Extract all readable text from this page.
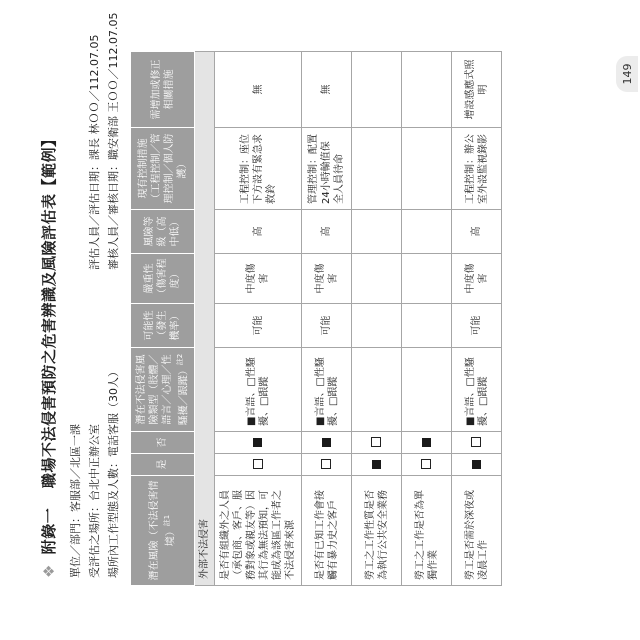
❖ 附錄一 職場不法侵害預防之危害辨識及風險評估表【範例】
單位／部門：客服部／北區一課 受評估之場所：台北中正辦公室 場所內工作型態及人數：電話客服（30人）
評估人員／評估日期：課長 林ＯＯ／112.07.05 審核人員／審核日期：職安衛部 王ＯＯ／112.07.05
潛在風險（不法侵害情境）$^{註1}$	是	否	潛在不法侵害風險類型（肢體／語言／心理／性騷擾／跟蹤）$^{註2}$	可能性（發生機率）	嚴重性（傷害程度）	風險等級（高中低）	現有控制措施（工程控制／管理控制／個人防護）	需增加或修正相關措施
外部不法侵害								
是否有組織外之人員（承包商、客戶、服務對象或親友等）因其行為無法預知，可能成為該區工作者之不法侵害來源			■言語、□性騷擾、□跟蹤	可能	中度傷害	高	工程控制：座位下方設有緊急求救鈴	無
是否有已知工作會接觸有暴力史之客戶			■言語、□性騷擾、□跟蹤	可能	中度傷害	高	管理控制：配置 24小時輪值保全人員待命	無
勞工之工作性質是否為執行公共安全業務								
勞工之工作是否為單獨作業								
勞工是否需於深夜或凌晨工作			■言語、□性騷擾、□跟蹤	可能	中度傷害	高	工程控制：辦公室外設監視錄影	增設感應式照明
149
